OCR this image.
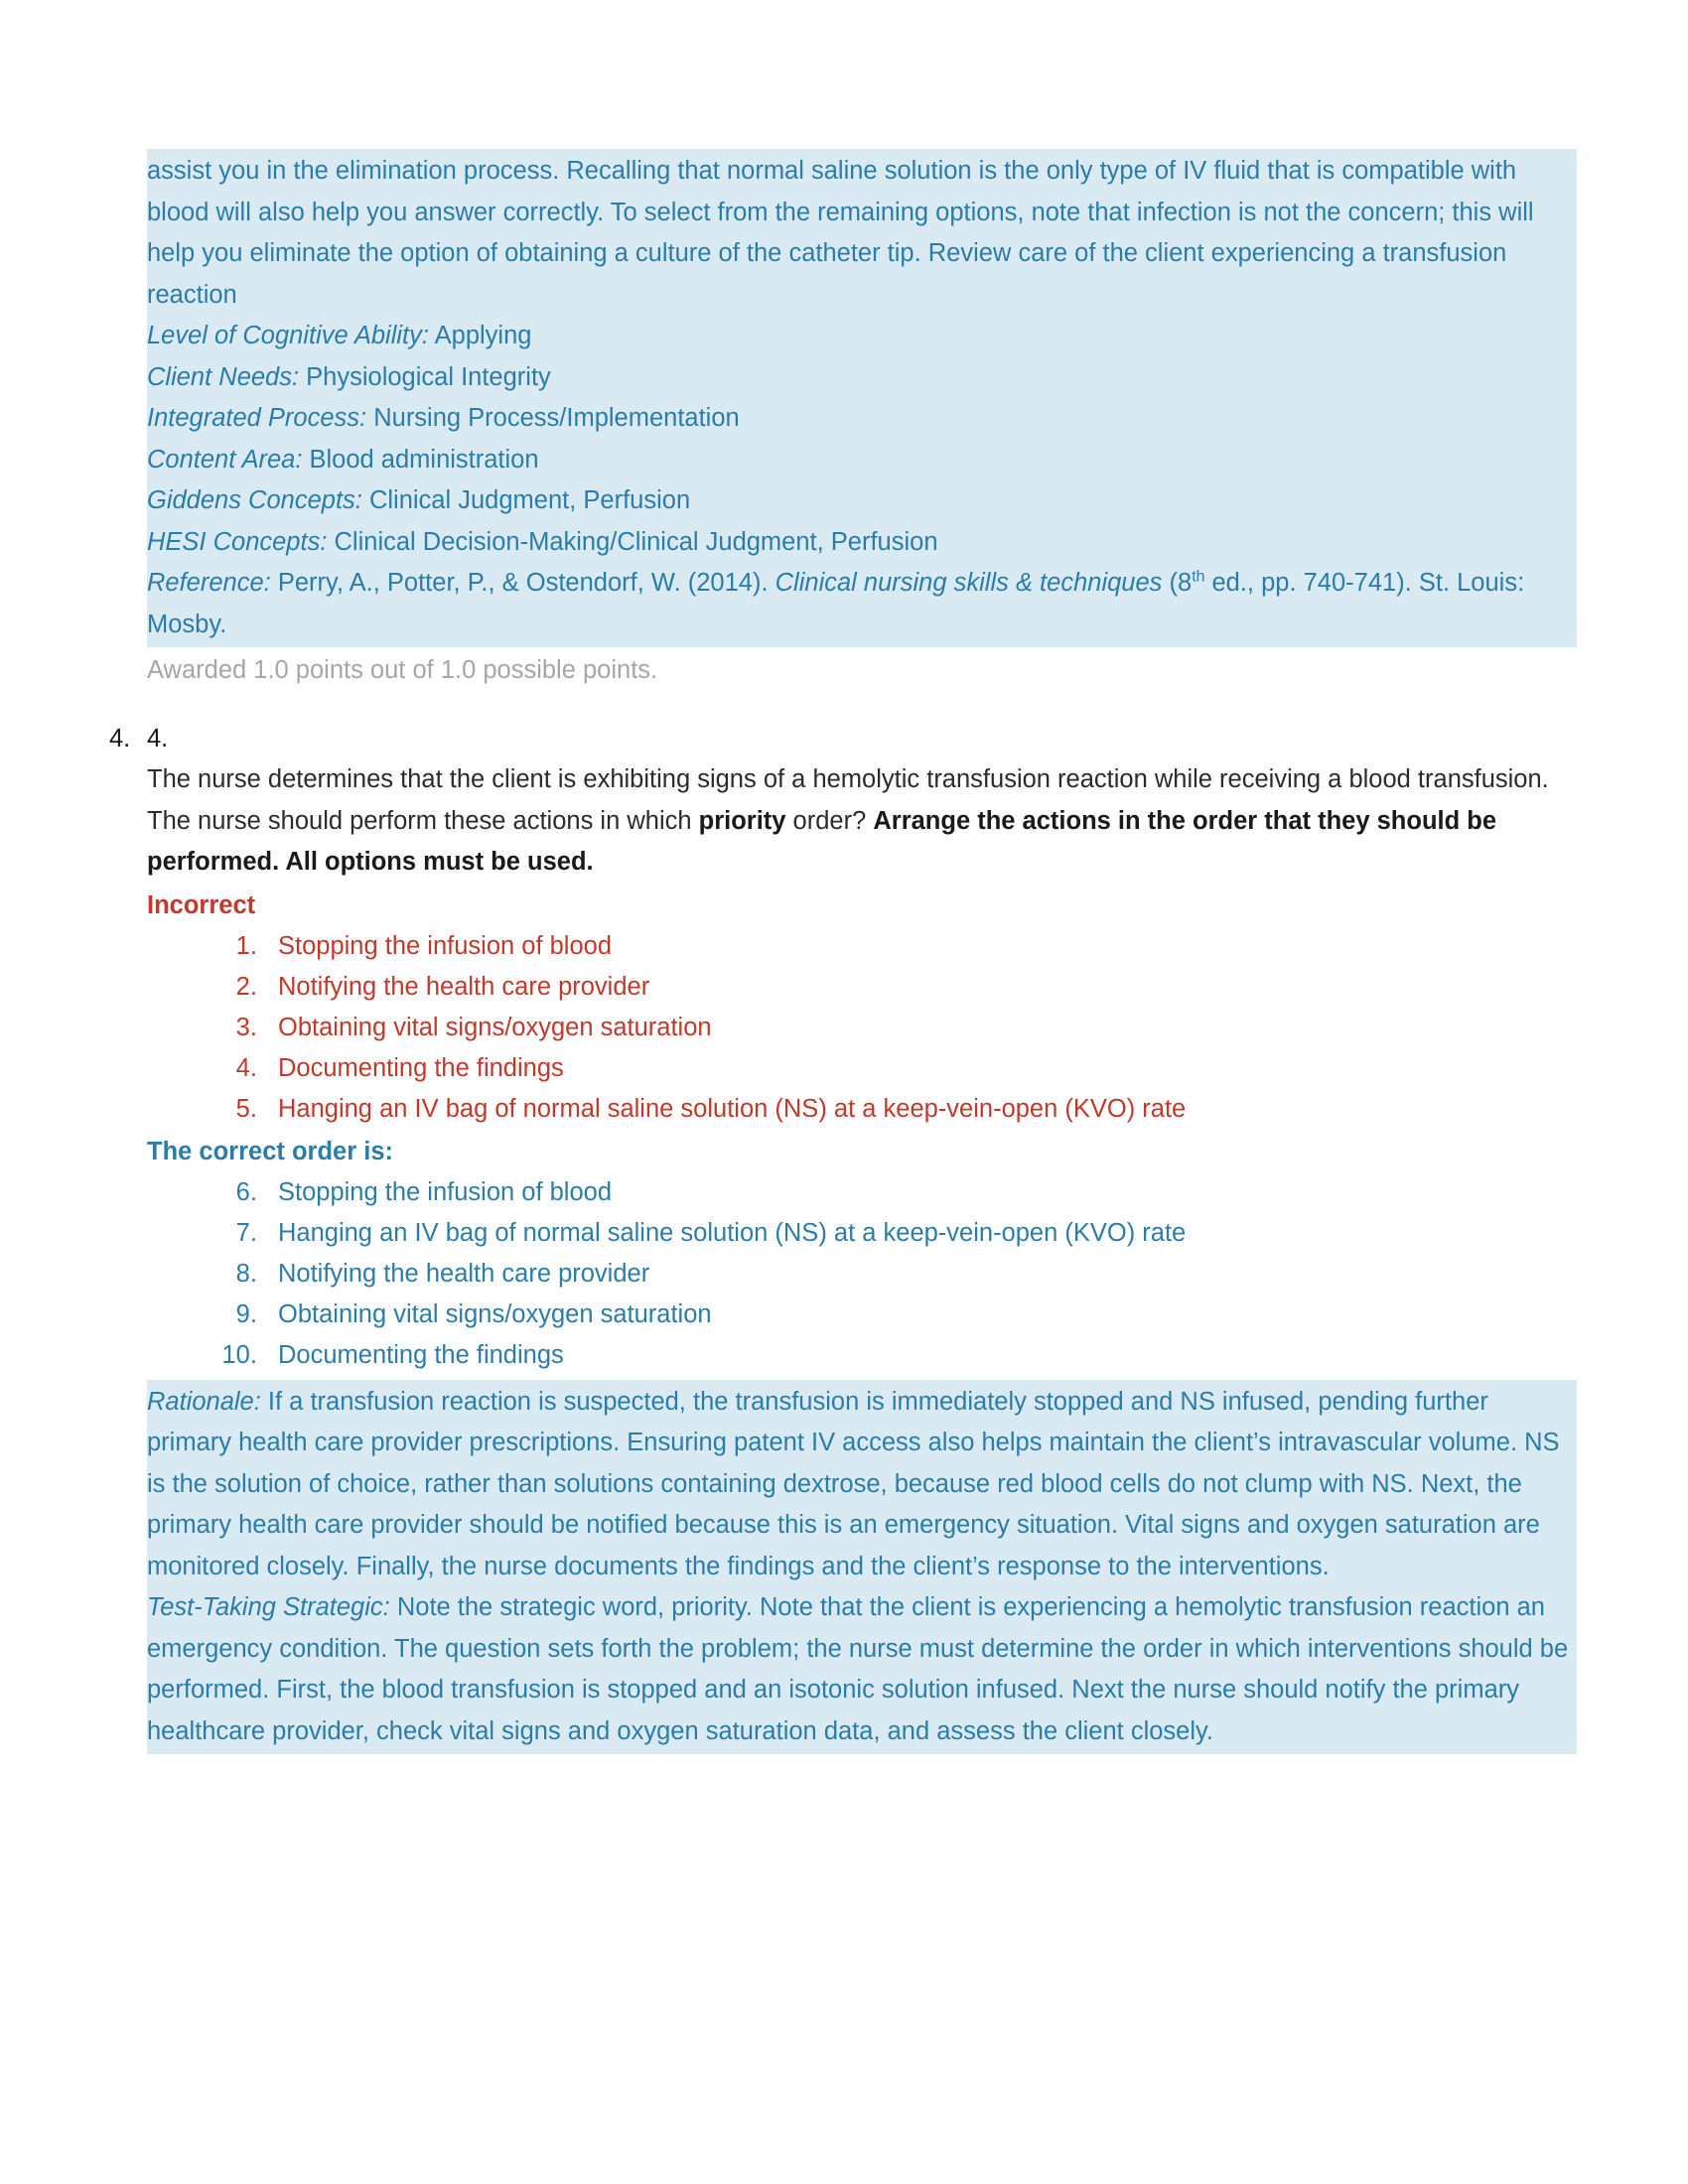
assist you in the elimination process. Recalling that normal saline solution is the only type of IV fluid that is compatible with blood will also help you answer correctly. To select from the remaining options, note that infection is not the concern; this will help you eliminate the option of obtaining a culture of the catheter tip. Review care of the client experiencing a transfusion reaction
Level of Cognitive Ability: Applying
Client Needs: Physiological Integrity
Integrated Process: Nursing Process/Implementation
Content Area: Blood administration
Giddens Concepts: Clinical Judgment, Perfusion
HESI Concepts: Clinical Decision-Making/Clinical Judgment, Perfusion
Reference: Perry, A., Potter, P., & Ostendorf, W. (2014). Clinical nursing skills & techniques (8th ed., pp. 740-741). St. Louis: Mosby.
Awarded 1.0 points out of 1.0 possible points.
4. 4.
The nurse determines that the client is exhibiting signs of a hemolytic transfusion reaction while receiving a blood transfusion. The nurse should perform these actions in which priority order? Arrange the actions in the order that they should be performed. All options must be used.
Incorrect
1. Stopping the infusion of blood
2. Notifying the health care provider
3. Obtaining vital signs/oxygen saturation
4. Documenting the findings
5. Hanging an IV bag of normal saline solution (NS) at a keep-vein-open (KVO) rate
The correct order is:
6. Stopping the infusion of blood
7. Hanging an IV bag of normal saline solution (NS) at a keep-vein-open (KVO) rate
8. Notifying the health care provider
9. Obtaining vital signs/oxygen saturation
10. Documenting the findings
Rationale: If a transfusion reaction is suspected, the transfusion is immediately stopped and NS infused, pending further primary health care provider prescriptions. Ensuring patent IV access also helps maintain the client’s intravascular volume. NS is the solution of choice, rather than solutions containing dextrose, because red blood cells do not clump with NS. Next, the primary health care provider should be notified because this is an emergency situation. Vital signs and oxygen saturation are monitored closely. Finally, the nurse documents the findings and the client’s response to the interventions.
Test-Taking Strategic: Note the strategic word, priority. Note that the client is experiencing a hemolytic transfusion reaction an emergency condition. The question sets forth the problem; the nurse must determine the order in which interventions should be performed. First, the blood transfusion is stopped and an isotonic solution infused. Next the nurse should notify the primary healthcare provider, check vital signs and oxygen saturation data, and assess the client closely.
